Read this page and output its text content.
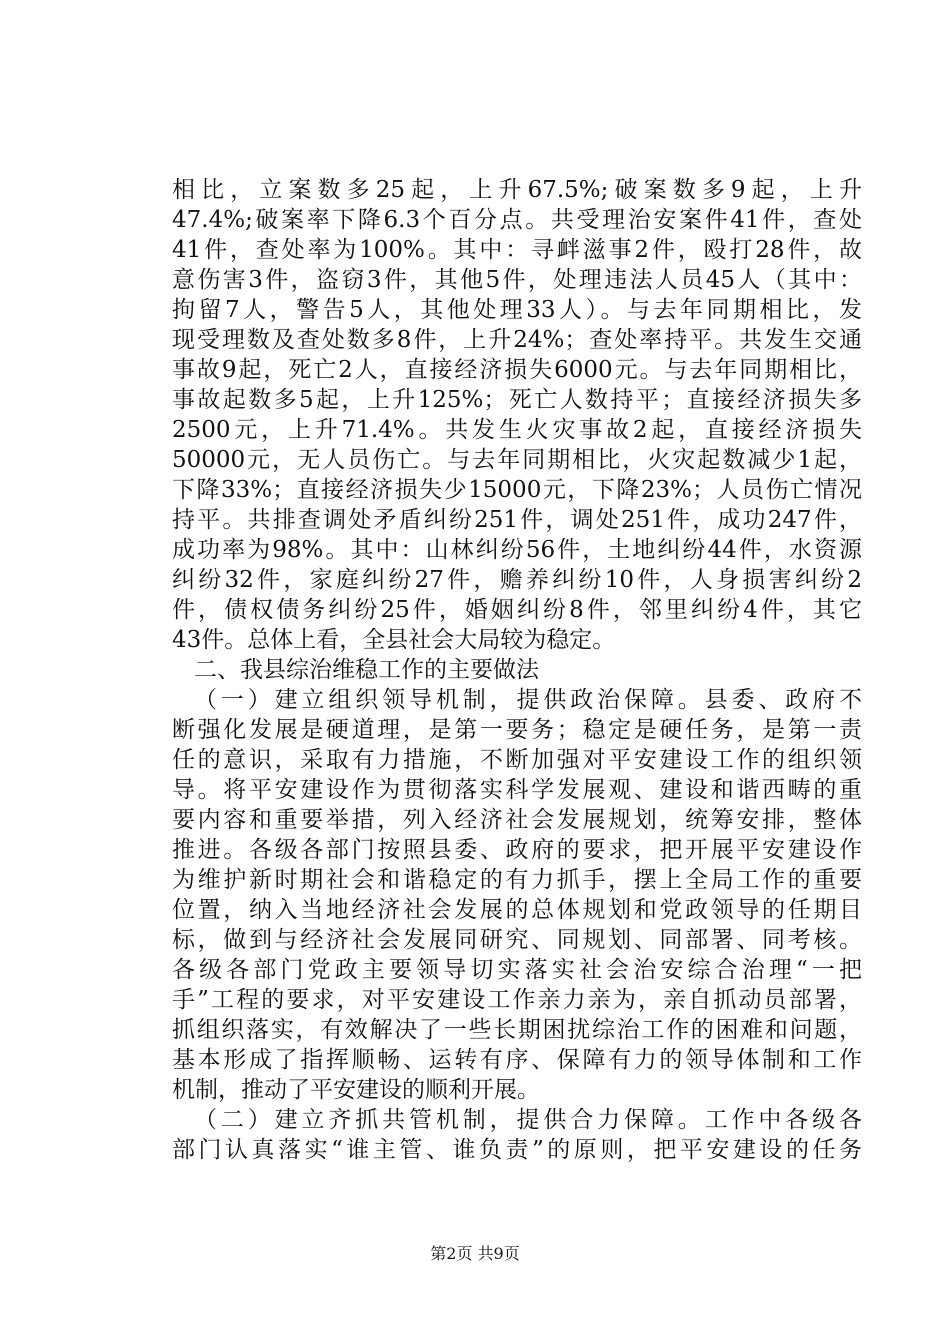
相比，立案数多25起，上升67.5%;破案数多9起，上升
47.4%;破案率下降6.3个百分点。共受理治安案件41件，查处
41件，查处率为100%。其中：寻衅滋事2件，殴打28件，故
意伤害3件，盗窃3件，其他5件，处理违法人员45人（其中：
拘留7人，警告5人，其他处理33人）。与去年同期相比，发
现受理数及查处数多8件，上升24%；查处率持平。共发生交通
事故9起，死亡2人，直接经济损失6000元。与去年同期相比，
事故起数多5起，上升125%；死亡人数持平；直接经济损失多
2500元，上升71.4%。共发生火灾事故2起，直接经济损失
50000元，无人员伤亡。与去年同期相比，火灾起数减少1起，
下降33%；直接经济损失少15000元，下降23%；人员伤亡情况
持平。共排查调处矛盾纠纷251件，调处251件，成功247件，
成功率为98%。其中：山林纠纷56件，土地纠纷44件，水资源
纠纷32件，家庭纠纷27件，赡养纠纷10件，人身损害纠纷2
件，债权债务纠纷25件，婚姻纠纷8件，邻里纠纷4件，其它
43件。总体上看，全县社会大局较为稳定。
二、我县综治维稳工作的主要做法
（一）建立组织领导机制，提供政治保障。县委、政府不
断强化发展是硬道理，是第一要务；稳定是硬任务，是第一责
任的意识，采取有力措施，不断加强对平安建设工作的组织领
导。将平安建设作为贯彻落实科学发展观、建设和谐西畴的重
要内容和重要举措，列入经济社会发展规划，统筹安排，整体
推进。各级各部门按照县委、政府的要求，把开展平安建设作
为维护新时期社会和谐稳定的有力抓手，摆上全局工作的重要
位置，纳入当地经济社会发展的总体规划和党政领导的任期目
标，做到与经济社会发展同研究、同规划、同部署、同考核。
各级各部门党政主要领导切实落实社会治安综合治理“一把
手”工程的要求，对平安建设工作亲力亲为，亲自抓动员部署，
抓组织落实，有效解决了一些长期困扰综治工作的困难和问题，
基本形成了指挥顺畅、运转有序、保障有力的领导体制和工作
机制，推动了平安建设的顺利开展。
（二）建立齐抓共管机制，提供合力保障。工作中各级各
部门认真落实“谁主管、谁负责”的原则，把平安建设的任务
第2页 共9页
